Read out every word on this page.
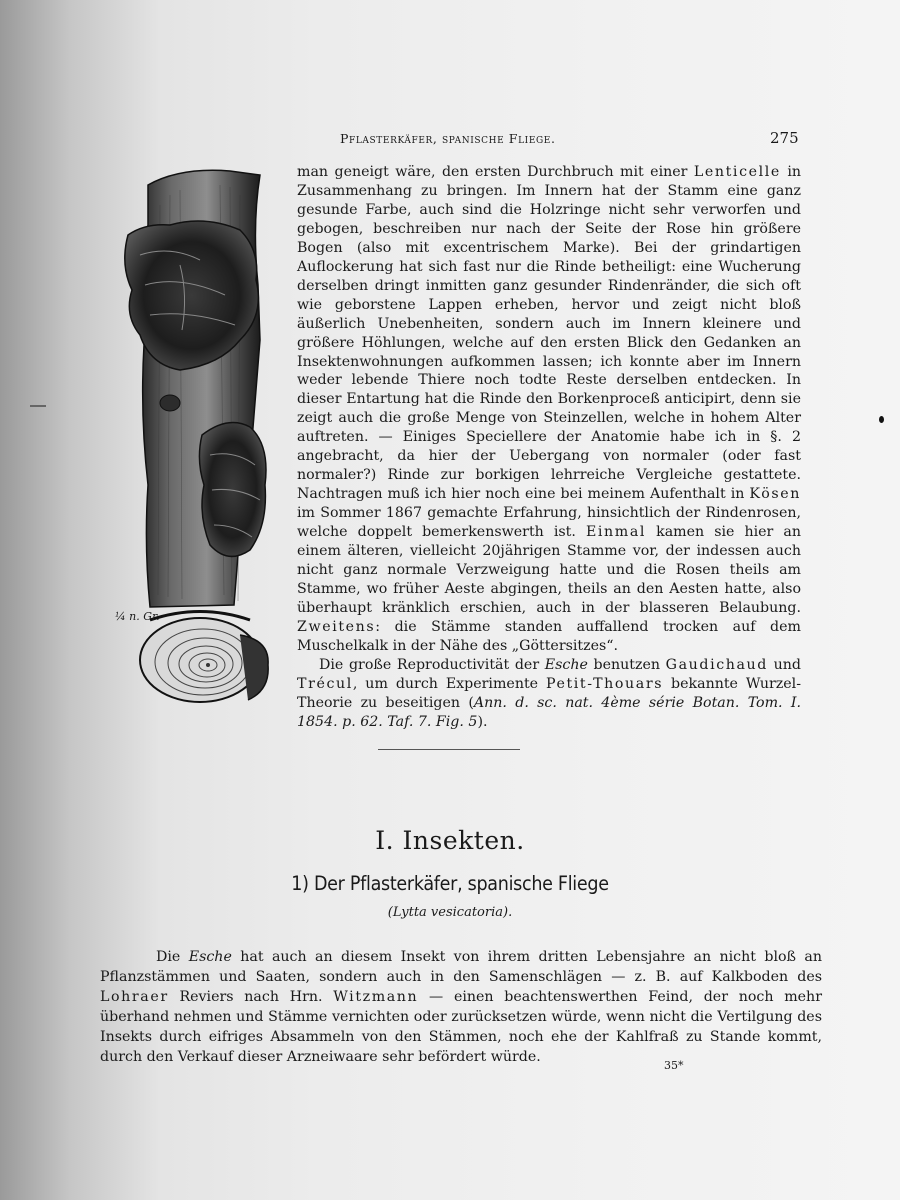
Pflasterkäfer, spanische Fliege.	275
¼ n. Gr.

man geneigt wäre, den ersten Durchbruch mit einer Lenticelle in Zusammenhang zu bringen. Im Innern hat der Stamm eine ganz gesunde Farbe, auch sind die Holzringe nicht sehr verworfen und gebogen, beschreiben nur nach der Seite der Rose hin größere Bogen (also mit excentrischem Marke). Bei der grindartigen Auflockerung hat sich fast nur die Rinde betheiligt: eine Wucherung derselben dringt inmitten ganz gesunder Rindenränder, die sich oft wie geborstene Lappen erheben, hervor und zeigt nicht bloß äußerlich Unebenheiten, sondern auch im Innern kleinere und größere Höhlungen, welche auf den ersten Blick den Gedanken an Insektenwohnungen aufkommen lassen; ich konnte aber im Innern weder lebende Thiere noch todte Reste derselben entdecken. In dieser Entartung hat die Rinde den Borkenproceß anticipirt, denn sie zeigt auch die große Menge von Steinzellen, welche in hohem Alter auftreten. — Einiges Speciellere der Anatomie habe ich in §. 2 angebracht, da hier der Uebergang von normaler (oder fast normaler?) Rinde zur borkigen lehrreiche Vergleiche gestattete. Nachtragen muß ich hier noch eine bei meinem Aufenthalt in Kösen im Sommer 1867 gemachte Erfahrung, hinsichtlich der Rindenrosen, welche doppelt bemerkenswerth ist. Einmal kamen sie hier an einem älteren, vielleicht 20jährigen Stamme vor, der indessen auch nicht ganz normale Verzweigung hatte und die Rosen theils am Stamme, wo früher Aeste abgingen, theils an den Aesten hatte, also überhaupt kränklich erschien, auch in der blasseren Belaubung. Zweitens: die Stämme standen auffallend trocken auf dem Muschelkalk in der Nähe des „Göttersitzes“.

Die große Reproductivität der Esche benutzen Gaudichaud und Trécul, um durch Experimente Petit-Thouars bekannte Wurzel-Theorie zu beseitigen (Ann. d. sc. nat. 4ème série Botan. Tom. I. 1854. p. 62. Taf. 7. Fig. 5).

I. Insekten.
1) Der Pflasterkäfer, spanische Fliege
(Lytta vesicatoria).

Die Esche hat auch an diesem Insekt von ihrem dritten Lebensjahre an nicht bloß an Pflanzstämmen und Saaten, sondern auch in den Samenschlägen — z. B. auf Kalkboden des Lohraer Reviers nach Hrn. Witzmann — einen beachtenswerthen Feind, der noch mehr überhand nehmen und Stämme vernichten oder zurücksetzen würde, wenn nicht die Vertilgung des Insekts durch eifriges Absammeln von den Stämmen, noch ehe der Kahlfraß zu Stande kommt, durch den Verkauf dieser Arzneiwaare sehr befördert würde.

35*
